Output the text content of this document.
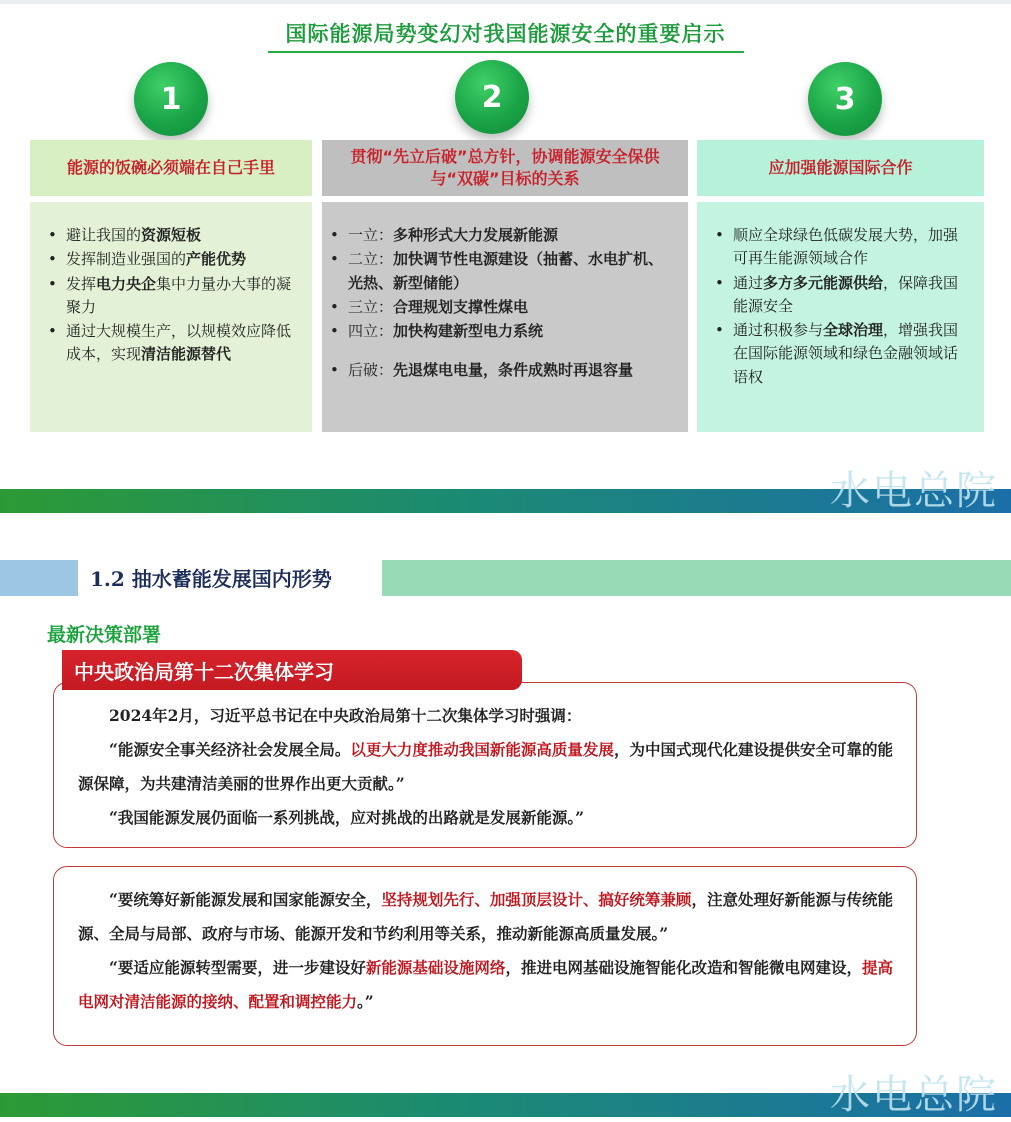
国际能源局势变幻对我国能源安全的重要启示
1	2	3
能源的饭碗必须端在自己手里
贯彻“先立后破”总方针，协调能源安全保供与“双碳”目标的关系
应加强能源国际合作
• 避让我国的资源短板
• 发挥制造业强国的产能优势
• 发挥电力央企集中力量办大事的凝聚力
• 通过大规模生产，以规模效应降低成本，实现清洁能源替代
• 一立：多种形式大力发展新能源
• 二立：加快调节性电源建设（抽蓄、水电扩机、光热、新型储能）
• 三立：合理规划支撑性煤电
• 四立：加快构建新型电力系统
• 后破：先退煤电电量，条件成熟时再退容量
• 顺应全球绿色低碳发展大势，加强可再生能源领域合作
• 通过多方多元能源供给，保障我国能源安全
• 通过积极参与全球治理，增强我国在国际能源领域和绿色金融领域话语权
水电总院
1.2 抽水蓄能发展国内形势
最新决策部署

2024年2月，习近平总书记在中央政治局第十二次集体学习时强调：

“能源安全事关经济社会发展全局。以更大力度推动我国新能源高质量发展，为中国式现代化建设提供安全可靠的能源保障，为共建清洁美丽的世界作出更大贡献。”

“我国能源发展仍面临一系列挑战，应对挑战的出路就是发展新能源。”

中央政治局第十二次集体学习

“要统筹好新能源发展和国家能源安全，坚持规划先行、加强顶层设计、搞好统筹兼顾，注意处理好新能源与传统能源、全局与局部、政府与市场、能源开发和节约利用等关系，推动新能源高质量发展。”

“要适应能源转型需要，进一步建设好新能源基础设施网络，推进电网基础设施智能化改造和智能微电网建设，提高电网对清洁能源的接纳、配置和调控能力。”

水电总院
